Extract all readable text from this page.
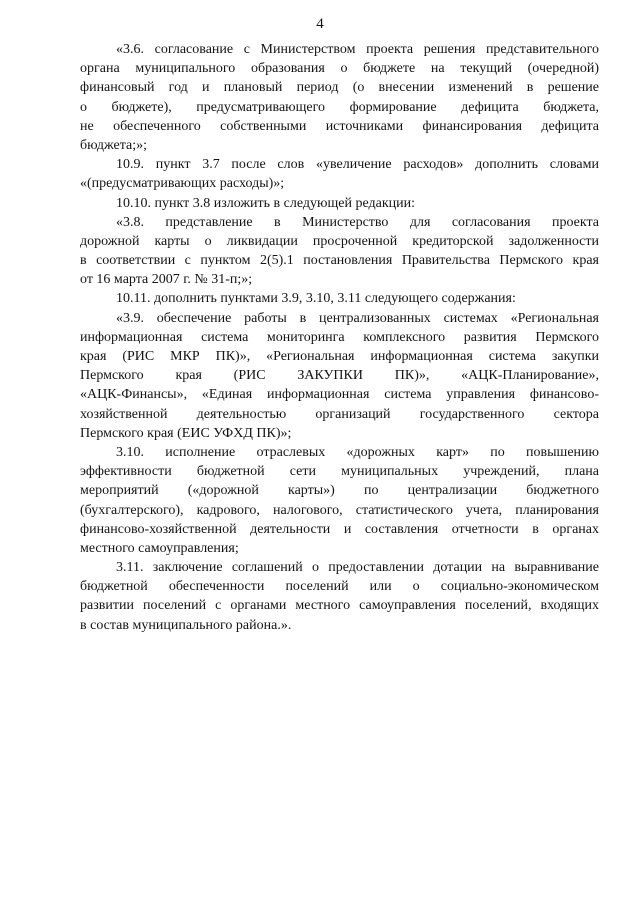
4
«3.6. согласование с Министерством проекта решения представительного
органа муниципального образования о бюджете на текущий (очередной)
финансовый год и плановый период (о внесении изменений в решение
о бюджете), предусматривающего формирование дефицита бюджета,
не обеспеченного собственными источниками финансирования дефицита
бюджета;»;
10.9. пункт 3.7 после слов «увеличение расходов» дополнить словами
«(предусматривающих расходы)»;
10.10. пункт 3.8 изложить в следующей редакции:
«3.8. представление в Министерство для согласования проекта
дорожной карты о ликвидации просроченной кредиторской задолженности
в соответствии с пунктом 2(5).1 постановления Правительства Пермского края
от 16 марта 2007 г. № 31-п;»;
10.11. дополнить пунктами 3.9, 3.10, 3.11 следующего содержания:
«3.9. обеспечение работы в централизованных системах «Региональная
информационная система мониторинга комплексного развития Пермского
края (РИС МКР ПК)», «Региональная информационная система закупки
Пермского края (РИС ЗАКУПКИ ПК)», «АЦК-Планирование»,
«АЦК-Финансы», «Единая информационная система управления финансово-
хозяйственной деятельностью организаций государственного сектора
Пермского края (ЕИС УФХД ПК)»;
3.10. исполнение отраслевых «дорожных карт» по повышению
эффективности бюджетной сети муниципальных учреждений, плана
мероприятий («дорожной карты») по централизации бюджетного
(бухгалтерского), кадрового, налогового, статистического учета, планирования
финансово-хозяйственной деятельности и составления отчетности в органах
местного самоуправления;
3.11. заключение соглашений о предоставлении дотации на выравнивание
бюджетной обеспеченности поселений или о социально-экономическом
развитии поселений с органами местного самоуправления поселений, входящих
в состав муниципального района.».
